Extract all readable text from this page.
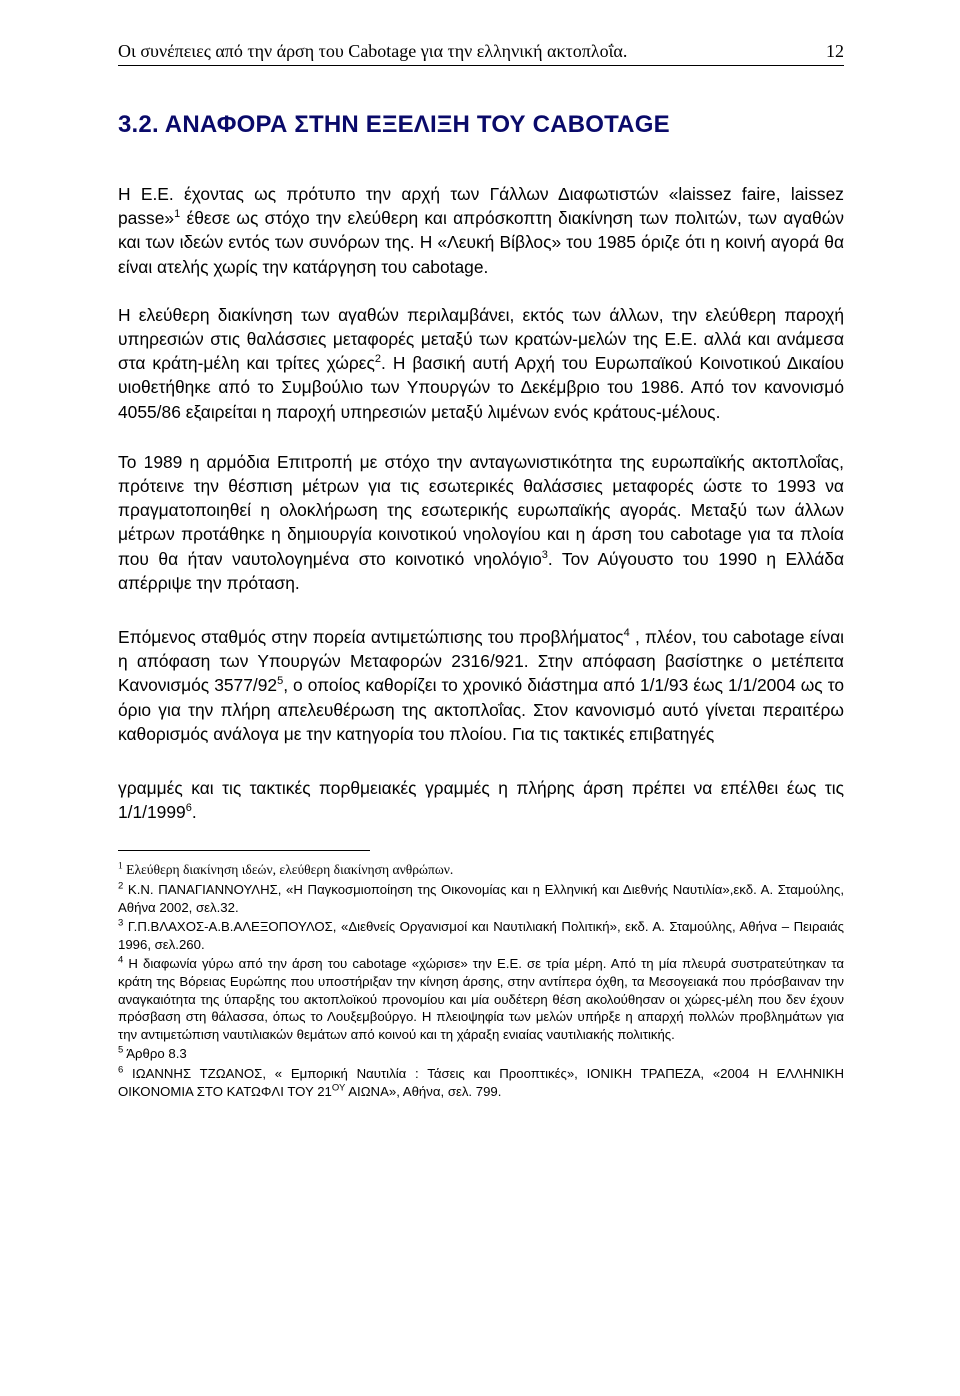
Οι συνέπειες από την άρση του Cabotage για την ελληνική ακτοπλοΐα.	12
3.2. ΑΝΑΦΟΡΑ ΣΤΗΝ ΕΞΕΛΙΞΗ ΤΟΥ CABOTAGE

Η Ε.Ε. έχοντας ως πρότυπο την αρχή των Γάλλων Διαφωτιστών «laissez faire, laissez passe»$^1$ έθεσε ως στόχο την ελεύθερη και απρόσκοπτη διακίνηση των πολιτών, των αγαθών και των ιδεών εντός των συνόρων της. Η «Λευκή Βίβλος» του 1985 όριζε ότι η κοινή αγορά θα είναι ατελής χωρίς την κατάργηση του cabotage.

Η ελεύθερη διακίνηση των αγαθών περιλαμβάνει, εκτός των άλλων, την ελεύθερη παροχή υπηρεσιών στις θαλάσσιες μεταφορές μεταξύ των κρατών-μελών της Ε.Ε. αλλά και ανάμεσα στα κράτη-μέλη και τρίτες χώρες$^2$. Η βασική αυτή Αρχή του Ευρωπαϊκού Κοινοτικού Δικαίου υιοθετήθηκε από το Συμβούλιο των Υπουργών το Δεκέμβριο του 1986. Από τον κανονισμό 4055/86 εξαιρείται η παροχή υπηρεσιών μεταξύ λιμένων ενός κράτους-μέλους.

Το 1989 η αρμόδια Επιτροπή με στόχο την ανταγωνιστικότητα της ευρωπαϊκής ακτοπλοΐας, πρότεινε την θέσπιση μέτρων για τις εσωτερικές θαλάσσιες μεταφορές ώστε το 1993 να πραγματοποιηθεί η ολοκλήρωση της εσωτερικής ευρωπαϊκής αγοράς. Μεταξύ των άλλων μέτρων προτάθηκε η δημιουργία κοινοτικού νηολογίου και η άρση του cabotage για τα πλοία που θα ήταν ναυτολογημένα στο κοινοτικό νηολόγιο$^3$. Τον Αύγουστο του 1990 η Ελλάδα απέρριψε την πρόταση.

Επόμενος σταθμός στην πορεία αντιμετώπισης του προβλήματος$^4$ , πλέον, του cabotage είναι η απόφαση των Υπουργών Μεταφορών 2316/921. Στην απόφαση βασίστηκε ο μετέπειτα Κανονισμός $3577/92^5$, ο οποίος καθορίζει το χρονικό διάστημα από 1/1/93 έως 1/1/2004 ως το όριο για την πλήρη απελευθέρωση της ακτοπλοΐας. Στον κανονισμό αυτό γίνεται περαιτέρω καθορισμός ανάλογα με την κατηγορία του πλοίου. Για τις τακτικές επιβατηγές

γραμμές και τις τακτικές πορθμειακές γραμμές η πλήρης άρση πρέπει να επέλθει έως τις 1/1/1999$^6$.

$^1$ Ελεύθερη διακίνηση ιδεών, ελεύθερη διακίνηση ανθρώπων.

$^2$ Κ.Ν. ΠΑΝΑΓΙΑΝΝΟΥΛΗΣ, «Η Παγκοσμιοποίηση της Οικονομίας και η Ελληνική και Διεθνής Ναυτιλία»,εκδ. Α. Σταμούλης, Αθήνα 2002, σελ.32.

$^3$ Γ.Π.ΒΛΑΧΟΣ-Α.Β.ΑΛΕΞΟΠΟΥΛΟΣ, «Διεθνείς Οργανισμοί και Ναυτιλιακή Πολιτική», εκδ. Α. Σταμούλης, Αθήνα – Πειραιάς 1996, σελ.260.

$^4$ Η διαφωνία γύρω από την άρση του cabotage «χώρισε» την Ε.Ε. σε τρία μέρη. Από τη μία πλευρά συστρατεύτηκαν τα κράτη της Βόρειας Ευρώπης που υποστήριξαν την κίνηση άρσης, στην αντίπερα όχθη, τα Μεσογειακά που πρόσβαιναν την αναγκαιότητα της ύπαρξης του ακτοπλοϊκού προνομίου και μία ουδέτερη θέση ακολούθησαν οι χώρες-μέλη που δεν έχουν πρόσβαση στη θάλασσα, όπως το Λουξεμβούργο. Η πλειοψηφία των μελών υπήρξε η απαρχή πολλών προβλημάτων για την αντιμετώπιση ναυτιλιακών θεμάτων από κοινού και τη χάραξη ενιαίας ναυτιλιακής πολιτικής.

$^5$ Άρθρο 8.3

$^6$ ΙΩΑΝΝΗΣ ΤΖΩΑΝΟΣ, « Εμπορική Ναυτιλία : Τάσεις και Προοπτικές», ΙΟΝΙΚΗ ΤΡΑΠΕΖΑ, «2004 Η ΕΛΛΗΝΙΚΗ ΟΙΚΟΝΟΜΙΑ ΣΤΟ ΚΑΤΩΦΛΙ ΤΟΥ $21^{O\Upsilon}$ ΑΙΩΝΑ», Αθήνα, σελ. 799.
